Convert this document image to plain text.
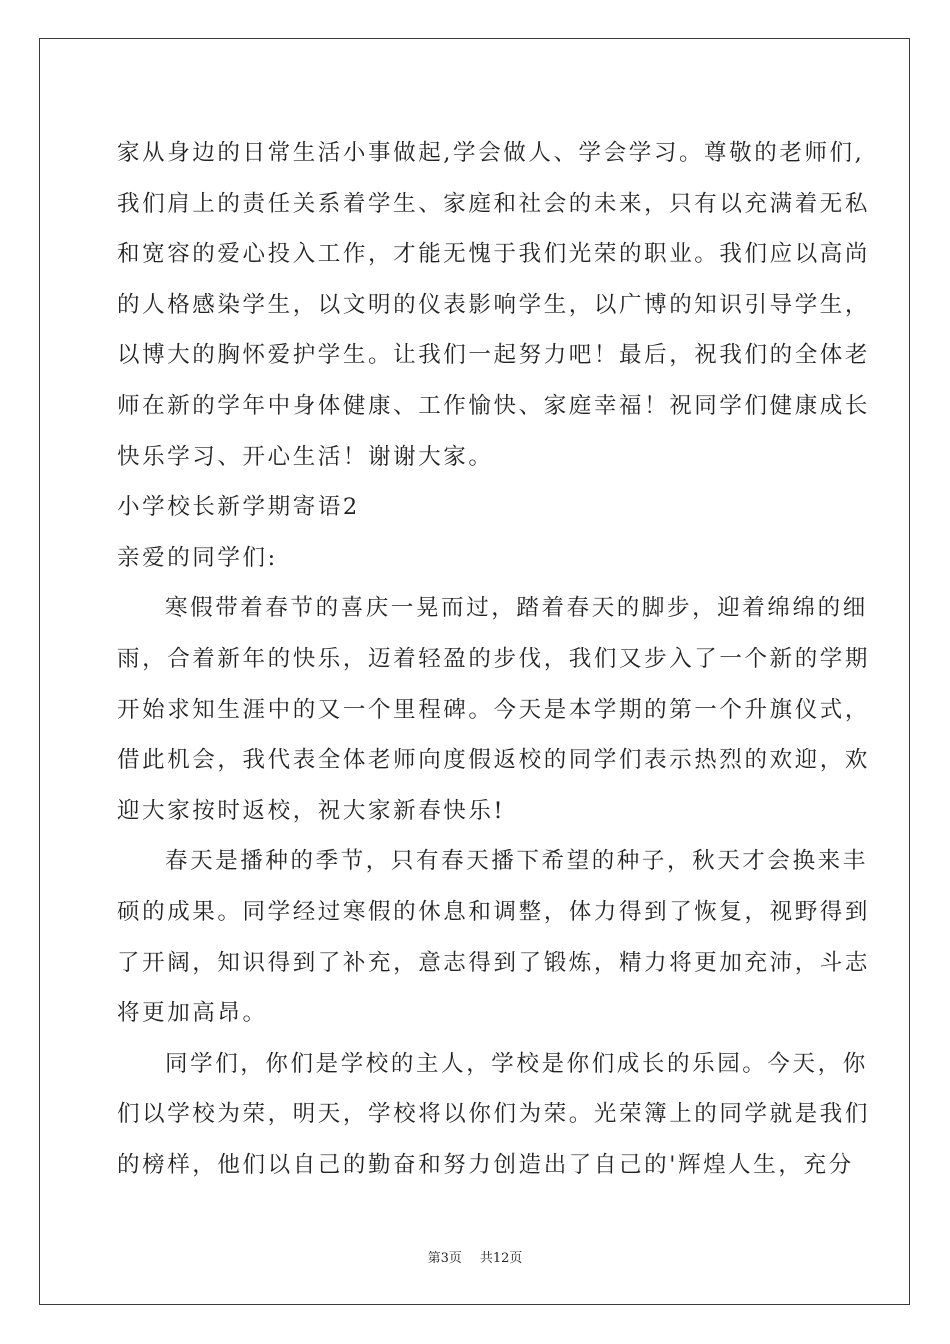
家从身边的日常生活小事做起,学会做人、学会学习。尊敬的老师们,
我们肩上的责任关系着学生、家庭和社会的未来，只有以充满着无私
和宽容的爱心投入工作，才能无愧于我们光荣的职业。我们应以高尚
的人格感染学生，以文明的仪表影响学生，以广博的知识引导学生，
以博大的胸怀爱护学生。让我们一起努力吧！最后，祝我们的全体老
师在新的学年中身体健康、工作愉快、家庭幸福！祝同学们健康成长
快乐学习、开心生活！谢谢大家。
小学校长新学期寄语2
亲爱的同学们:
寒假带着春节的喜庆一晃而过，踏着春天的脚步，迎着绵绵的细
雨，合着新年的快乐，迈着轻盈的步伐，我们又步入了一个新的学期
开始求知生涯中的又一个里程碑。今天是本学期的第一个升旗仪式，
借此机会，我代表全体老师向度假返校的同学们表示热烈的欢迎，欢
迎大家按时返校，祝大家新春快乐!
春天是播种的季节，只有春天播下希望的种子，秋天才会换来丰
硕的成果。同学经过寒假的休息和调整，体力得到了恢复，视野得到
了开阔，知识得到了补充，意志得到了锻炼，精力将更加充沛，斗志
将更加高昂。
同学们，你们是学校的主人，学校是你们成长的乐园。今天，你
们以学校为荣，明天，学校将以你们为荣。光荣簿上的同学就是我们
的榜样，他们以自己的勤奋和努力创造出了自己的'辉煌人生，充分
第3页 共12页
